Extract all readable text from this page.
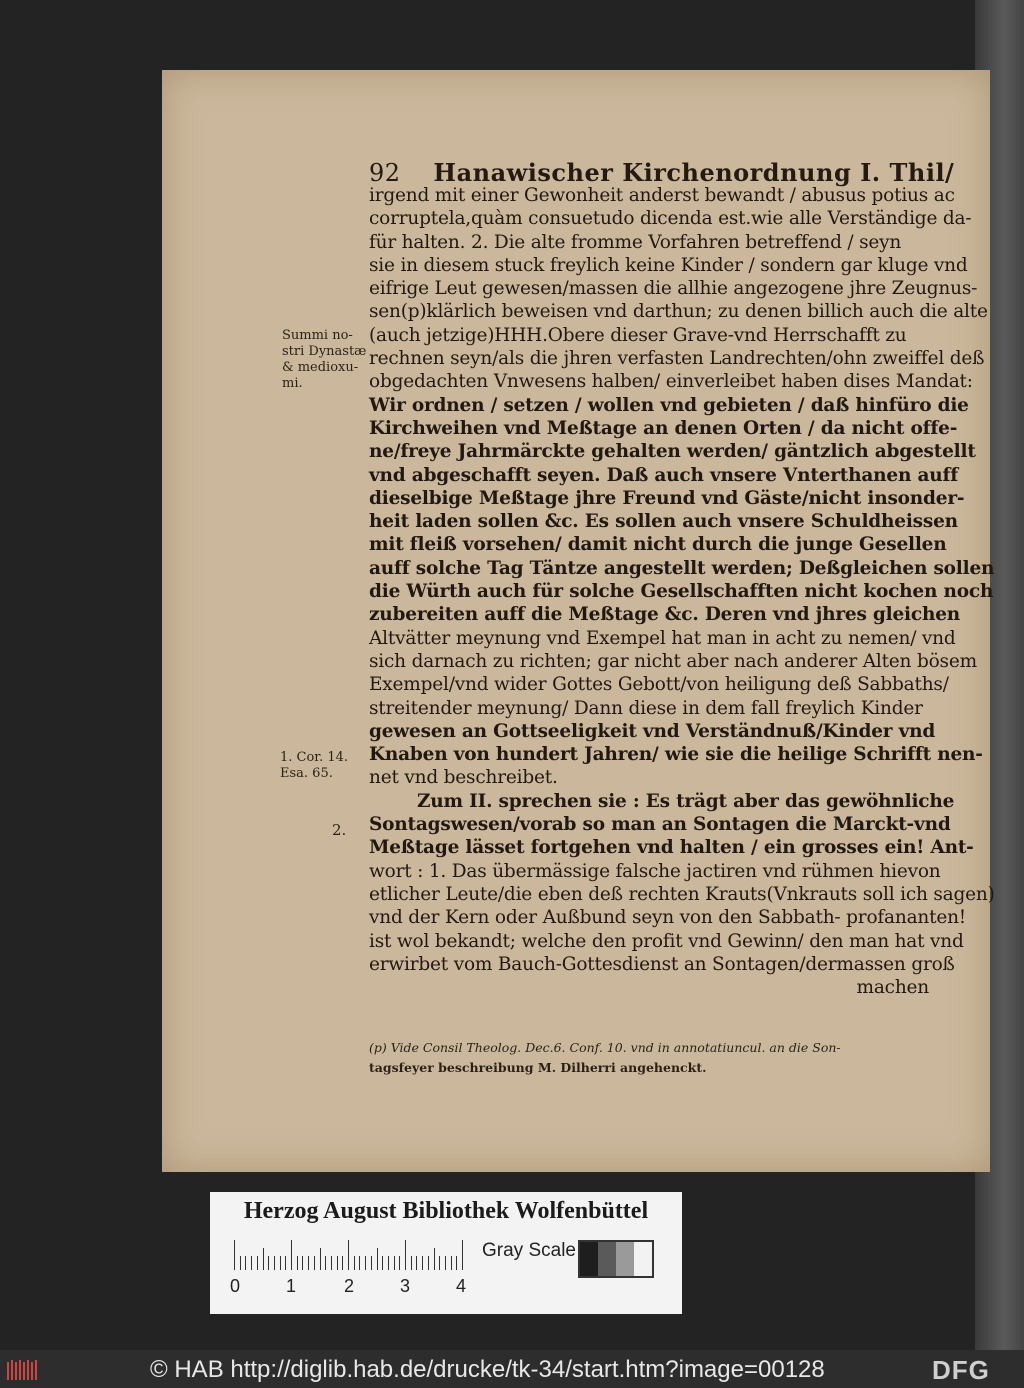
92 Hanawischer Kirchenordnung I. Thil/
irgend mit einer Gewonheit anderst bewandt / abusus potius ac
corruptela,quàm consuetudo dicenda est.wie alle Verständige da-
für halten. 2. Die alte fromme Vorfahren betreffend / seyn
sie in diesem stuck freylich keine Kinder / sondern gar kluge vnd
eifrige Leut gewesen/massen die allhie angezogene jhre Zeugnus-
sen(p)klärlich beweisen vnd darthun; zu denen billich auch die alte
(auch jetzige)HHH.Obere dieser Grave-vnd Herrschafft zu
rechnen seyn/als die jhren verfasten Landrechten/ohn zweiffel deß
obgedachten Vnwesens halben/ einverleibet haben dises Mandat:
Wir ordnen / setzen / wollen vnd gebieten / daß hinfüro die
Kirchweihen vnd Meßtage an denen Orten / da nicht offe-
ne/freye Jahrmärckte gehalten werden/ gäntzlich abgestellt
vnd abgeschafft seyen. Daß auch vnsere Vnterthanen auff
dieselbige Meßtage jhre Freund vnd Gäste/nicht insonder-
heit laden sollen &c. Es sollen auch vnsere Schuldheissen
mit fleiß vorsehen/ damit nicht durch die junge Gesellen
auff solche Tag Täntze angestellt werden; Deßgleichen sollen
die Würth auch für solche Gesellschafften nicht kochen noch
zubereiten auff die Meßtage &c. Deren vnd jhres gleichen
Altvätter meynung vnd Exempel hat man in acht zu nemen/ vnd
sich darnach zu richten; gar nicht aber nach anderer Alten bösem
Exempel/vnd wider Gottes Gebott/von heiligung deß Sabbaths/
streitender meynung/ Dann diese in dem fall freylich Kinder
gewesen an Gottseeligkeit vnd Verständnuß/Kinder vnd
Knaben von hundert Jahren/ wie sie die heilige Schrifft nen-
net vnd beschreibet.
Zum II. sprechen sie : Es trägt aber das gewöhnliche
Sontagswesen/vorab so man an Sontagen die Marckt-vnd
Meßtage lässet fortgehen vnd halten / ein grosses ein! Ant-
wort : 1. Das übermässige falsche jactiren vnd rühmen hievon
etlicher Leute/die eben deß rechten Krauts(Vnkrauts soll ich sagen)
vnd der Kern oder Außbund seyn von den Sabbath- profananten!
ist wol bekandt; welche den profit vnd Gewinn/ den man hat vnd
erwirbet vom Bauch-Gottesdienst an Sontagen/dermassen groß
machen
Summi no-
stri Dynastæ
& medioxu-
mi.
1. Cor. 14.
Esa. 65.
2.
(p) Vide Consil Theolog. Dec.6. Conf. 10. vnd in annotatiuncul. an die Son-
tagsfeyer beschreibung M. Dilherri angehenckt.
Herzog August Bibliothek Wolfenbüttel
0	1	2	3	4
Gray Scale
© HAB http://diglib.hab.de/drucke/tk-34/start.htm?image=00128	DFG
